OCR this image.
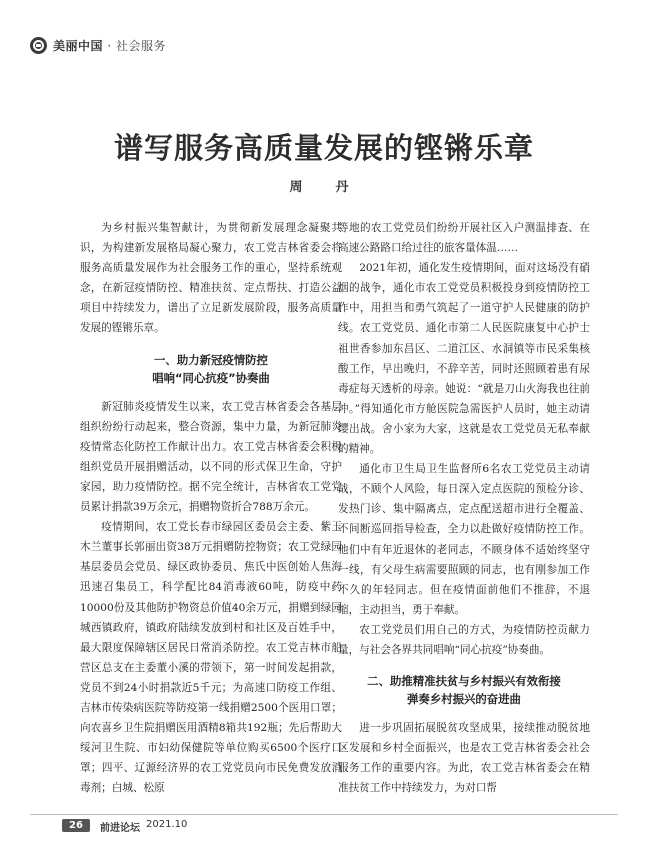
美丽中国 · 社会服务
谱写服务高质量发展的铿锵乐章
周　丹

为乡村振兴集智献计，为贯彻新发展理念凝聚共识，为构建新发展格局凝心聚力，农工党吉林省委会将服务高质量发展作为社会服务工作的重心，坚持系统观念，在新冠疫情防控、精准扶贫、定点帮扶、打造公益项目中持续发力，谱出了立足新发展阶段，服务高质量发展的铿锵乐章。

一、助力新冠疫情防控
唱响“同心抗疫”协奏曲

新冠肺炎疫情发生以来，农工党吉林省委会各基层组织纷纷行动起来，整合资源，集中力量，为新冠肺炎疫情常态化防控工作献计出力。农工党吉林省委会积极组织党员开展捐赠活动，以不同的形式保卫生命，守护家园，助力疫情防控。据不完全统计，吉林省农工党党员累计捐款39万余元，捐赠物资折合788万余元。

疫情期间，农工党长春市绿园区委员会主委、紫玉木兰董事长郭丽出资38万元捐赠防控物资；农工党绿园基层委员会党员、绿区政协委员、焦氏中医创始人焦海迅速召集员工，科学配比84消毒液60吨，防疫中药10000份及其他防护物资总价值40余万元，捐赠到绿园城西镇政府，镇政府陆续发放到村和社区及百姓手中，最大限度保障辖区居民日常消杀防控。农工党吉林市船营区总支在主委董小溪的带领下，第一时间发起捐款，党员不到24小时捐款近5千元；为高速口防疫工作组、吉林市传染病医院等防疫第一线捐赠2500个医用口罩；向农喜乡卫生院捐赠医用酒精8箱共192瓶；先后帮助大绥河卫生院、市妇幼保健院等单位购买6500个医疗口罩；四平、辽源经济界的农工党党员向市民免费发放消毒剂；白城、松原

等地的农工党党员们纷纷开展社区入户测温排查、在高速公路路口给过往的旅客量体温……

2021年初，通化发生疫情期间，面对这场没有硝烟的战争，通化市农工党党员积极投身到疫情防控工作中，用担当和勇气筑起了一道守护人民健康的防护线。农工党党员、通化市第二人民医院康复中心护士祖世香参加东昌区、二道江区、水洞镇等市民采集核酸工作，早出晚归，不辞辛苦，同时还照顾着患有尿毒症每天透析的母亲。她说：“就是刀山火海我也往前冲。”得知通化市方舱医院急需医护人员时，她主动请缨出战。舍小家为大家，这就是农工党党员无私奉献的精神。

通化市卫生局卫生监督所6名农工党党员主动请战，不顾个人风险，每日深入定点医院的预检分诊、发热门诊、集中隔离点，定点配送超市进行全覆盖、不间断巡回指导检查，全力以赴做好疫情防控工作。他们中有年近退休的老同志，不顾身体不适始终坚守一线，有父母生病需要照顾的同志，也有刚参加工作不久的年轻同志。但在疫情面前他们不推辞，不退缩，主动担当，勇于奉献。

农工党党员们用自己的方式，为疫情防控贡献力量，与社会各界共同唱响“同心抗疫”协奏曲。

二、助推精准扶贫与乡村振兴有效衔接
弹奏乡村振兴的奋进曲

进一步巩固拓展脱贫攻坚成果，接续推动脱贫地区发展和乡村全面振兴，也是农工党吉林省委会社会服务工作的重要内容。为此，农工党吉林省委会在精准扶贫工作中持续发力，为对口帮

26	前进论坛 2021.10
